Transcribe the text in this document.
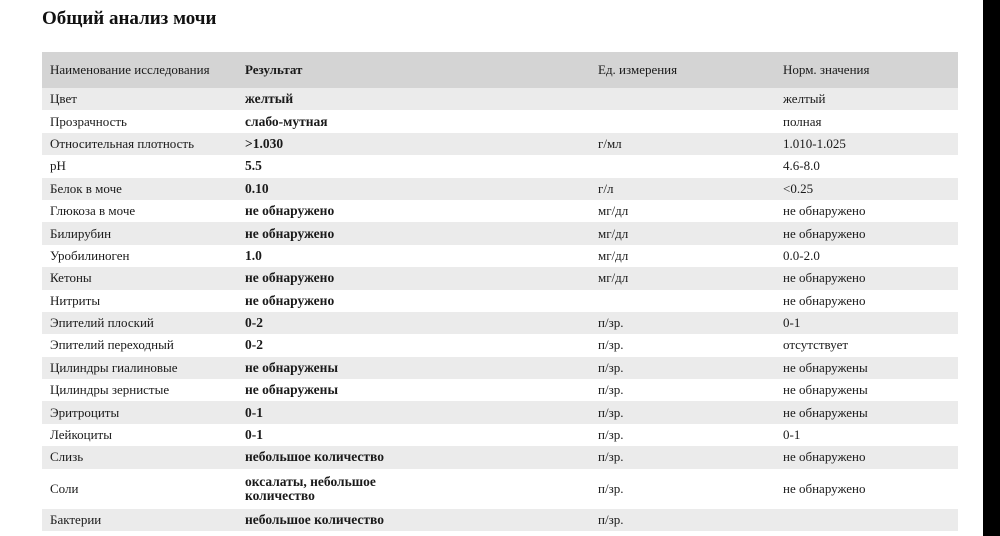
Общий анализ мочи
Наименование исследования	Результат	Ед. измерения	Норм. значения
Цвет	желтый		желтый
Прозрачность	слабо-мутная		полная
Относительная плотность	>1.030	г/мл	1.010-1.025
pH	5.5		4.6-8.0
Белок в моче	0.10	г/л	<0.25
Глюкоза в моче	не обнаружено	мг/дл	не обнаружено
Билирубин	не обнаружено	мг/дл	не обнаружено
Уробилиноген	1.0	мг/дл	0.0-2.0
Кетоны	не обнаружено	мг/дл	не обнаружено
Нитриты	не обнаружено		не обнаружено
Эпителий плоский	0-2	п/зр.	0-1
Эпителий переходный	0-2	п/зр.	отсутствует
Цилиндры гиалиновые	не обнаружены	п/зр.	не обнаружены
Цилиндры зернистые	не обнаружены	п/зр.	не обнаружены
Эритроциты	0-1	п/зр.	не обнаружены
Лейкоциты	0-1	п/зр.	0-1
Слизь	небольшое количество	п/зр.	не обнаружено
Соли	оксалаты, небольшое количество	п/зр.	не обнаружено
Бактерии	небольшое количество	п/зр.	
